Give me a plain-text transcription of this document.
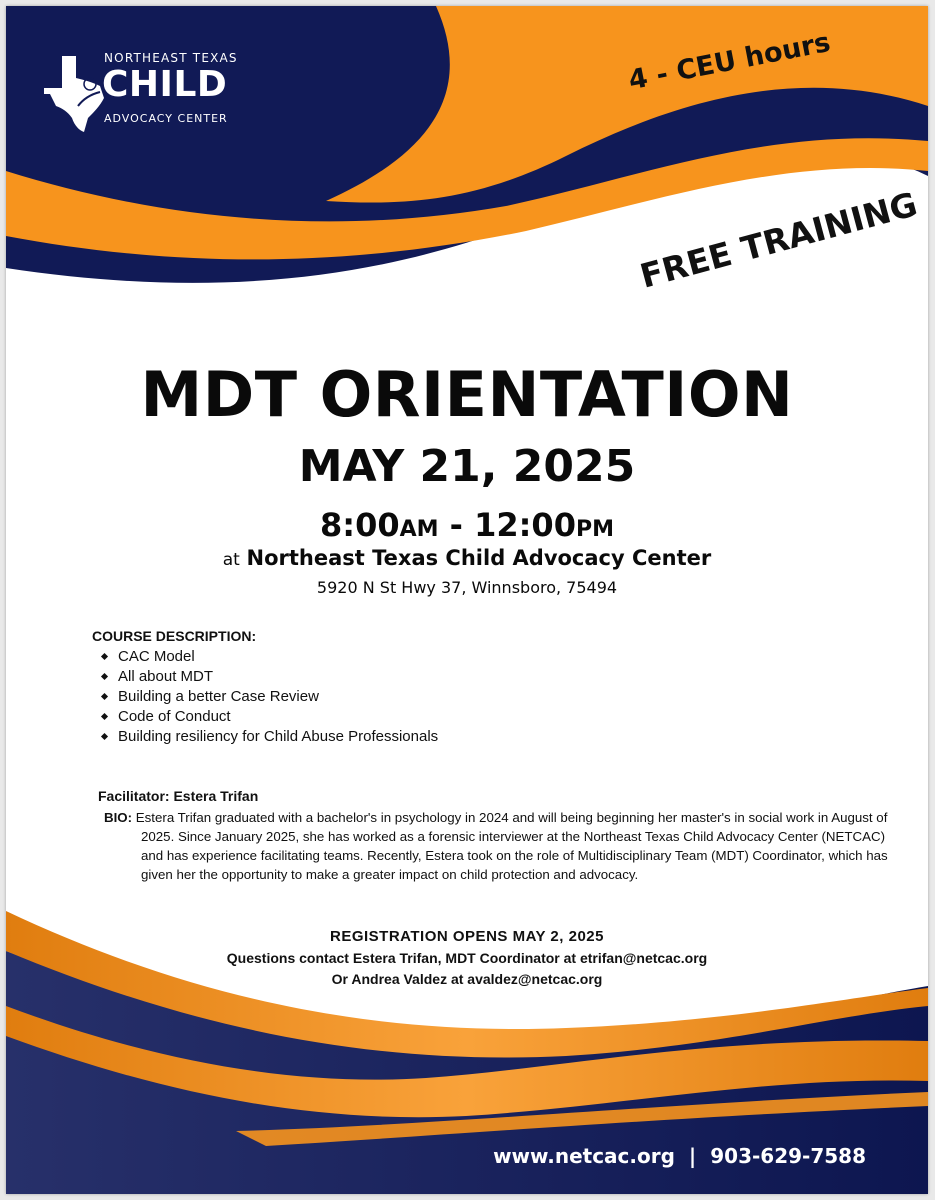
NORTHEAST TEXAS
CHILD
ADVOCACY CENTER
4 - CEU hours
FREE TRAINING
MDT ORIENTATION
MAY 21, 2025
8:00AM - 12:00PM
at Northeast Texas Child Advocacy Center
5920 N St Hwy 37, Winnsboro, 75494
COURSE DESCRIPTION:
CAC Model
All about MDT
Building a better Case Review
Code of Conduct
Building resiliency for Child Abuse Professionals
Facilitator: Estera Trifan
BIO: Estera Trifan graduated with a bachelor's in psychology in 2024 and will being beginning her master's in social work in August of 2025. Since January 2025, she has worked as a forensic interviewer at the Northeast Texas Child Advocacy Center (NETCAC) and has experience facilitating teams. Recently, Estera took on the role of Multidisciplinary Team (MDT) Coordinator, which has given her the opportunity to make a greater impact on child protection and advocacy.
REGISTRATION OPENS MAY 2, 2025
Questions contact Estera Trifan, MDT Coordinator at etrifan@netcac.org
Or Andrea Valdez at avaldez@netcac.org
www.netcac.org | 903-629-7588
